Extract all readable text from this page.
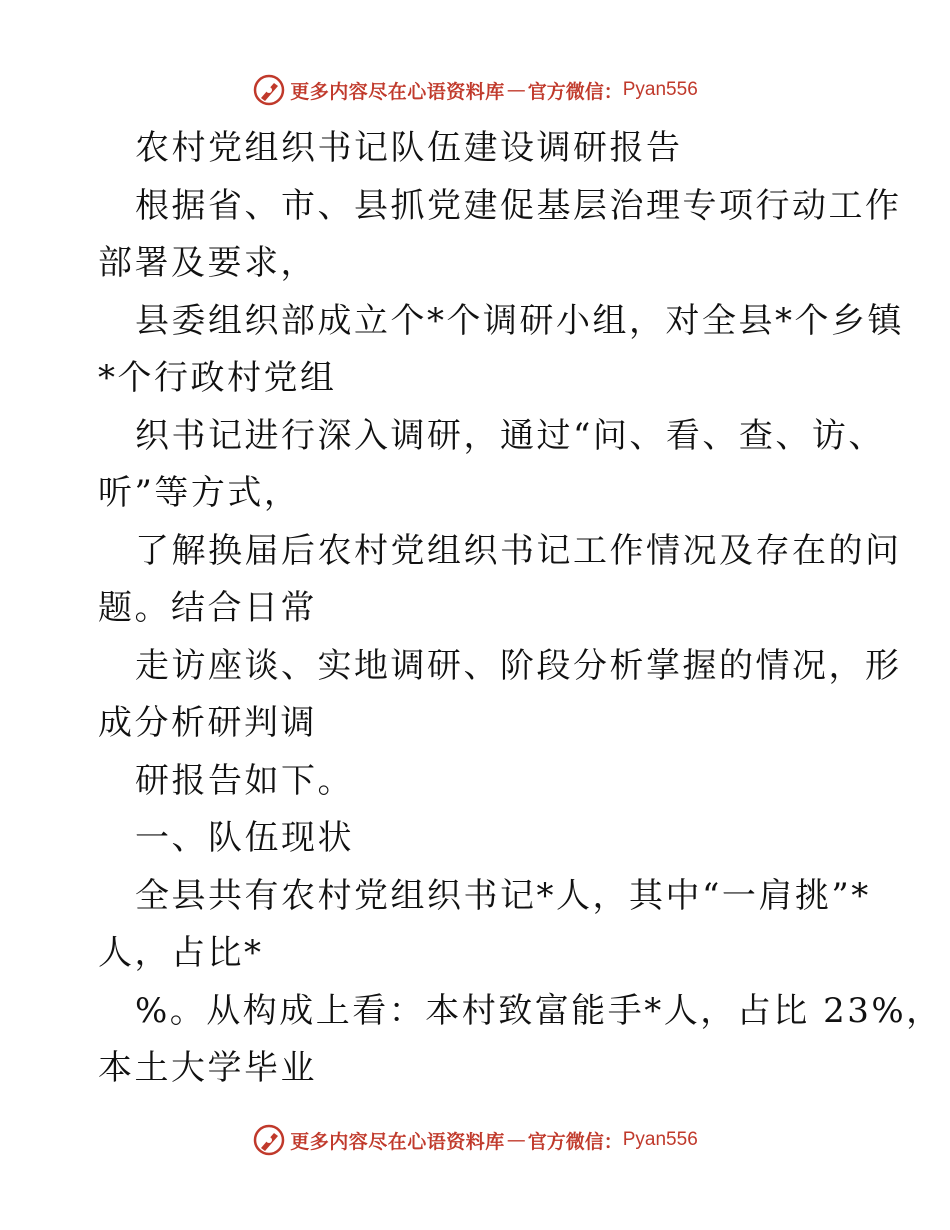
更多内容尽在心语资料库 — 官方微信： Pyan556
农村党组织书记队伍建设调研报告
根据省、市、县抓党建促基层治理专项行动工作
部署及要求，
县委组织部成立个*个调研小组，对全县*个乡镇
*个行政村党组
织书记进行深入调研，通过“问、看、查、访、
听”等方式，
了解换届后农村党组织书记工作情况及存在的问
题。结合日常
走访座谈、实地调研、阶段分析掌握的情况，形
成分析研判调
研报告如下。
一、队伍现状
全县共有农村党组织书记*人，其中“一肩挑”*
人，占比*
%。从构成上看：本村致富能手*人，占比 23%，
本土大学毕业
更多内容尽在心语资料库 — 官方微信： Pyan556
